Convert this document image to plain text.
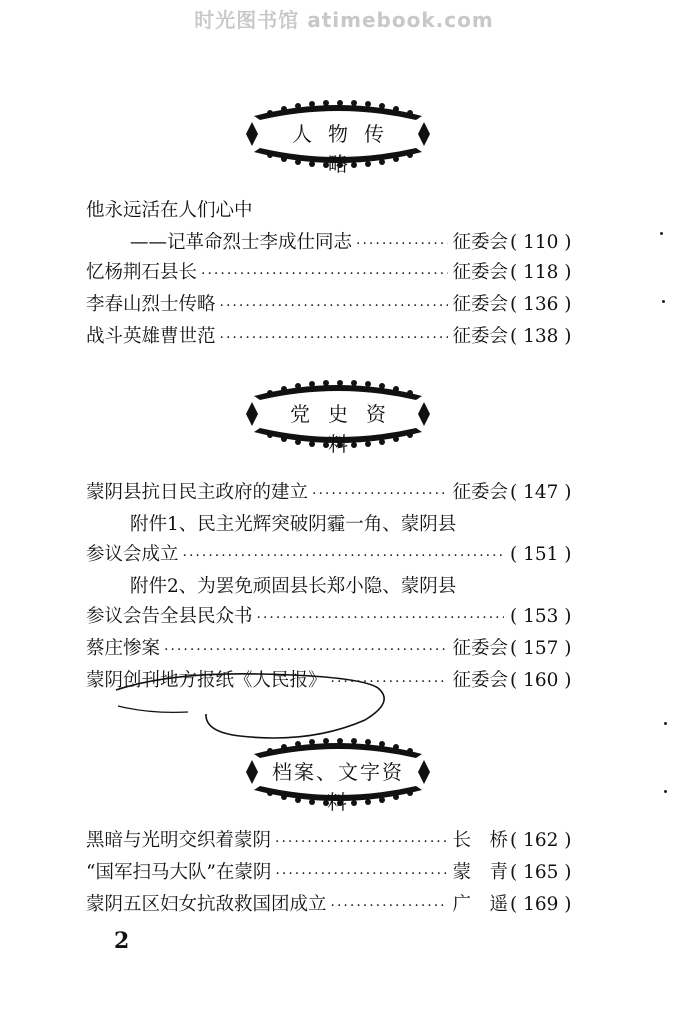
时光图书馆 atimebook.com
人物传略
他永远活在人们心中
——记革命烈士李成仕同志 ·····	征委会 ( 110 )
忆杨荆石县长 ·····	征委会 ( 118 )
李春山烈士传略 ·····	征委会 ( 136 )
战斗英雄曹世范 ·····	征委会 ( 138 )
党史资料
蒙阴县抗日民主政府的建立 ·····	征委会 ( 147 )
附件1、民主光辉突破阴霾一角、蒙阴县
参议会成立 ·····	( 151 )
附件2、为罢免顽固县长郑小隐、蒙阴县
参议会告全县民众书 ·····	( 153 )
蔡庄惨案 ·····	征委会 ( 157 )
蒙阴创刊地方报纸《人民报》 ·····	征委会 ( 160 )
档案、文字资料
黑暗与光明交织着蒙阴 ·····	长　桥 ( 162 )
“国军扫马大队”在蒙阴 ·····	蒙　青 ( 165 )
蒙阴五区妇女抗敌救国团成立 ·····	广　遥 ( 169 )
2
